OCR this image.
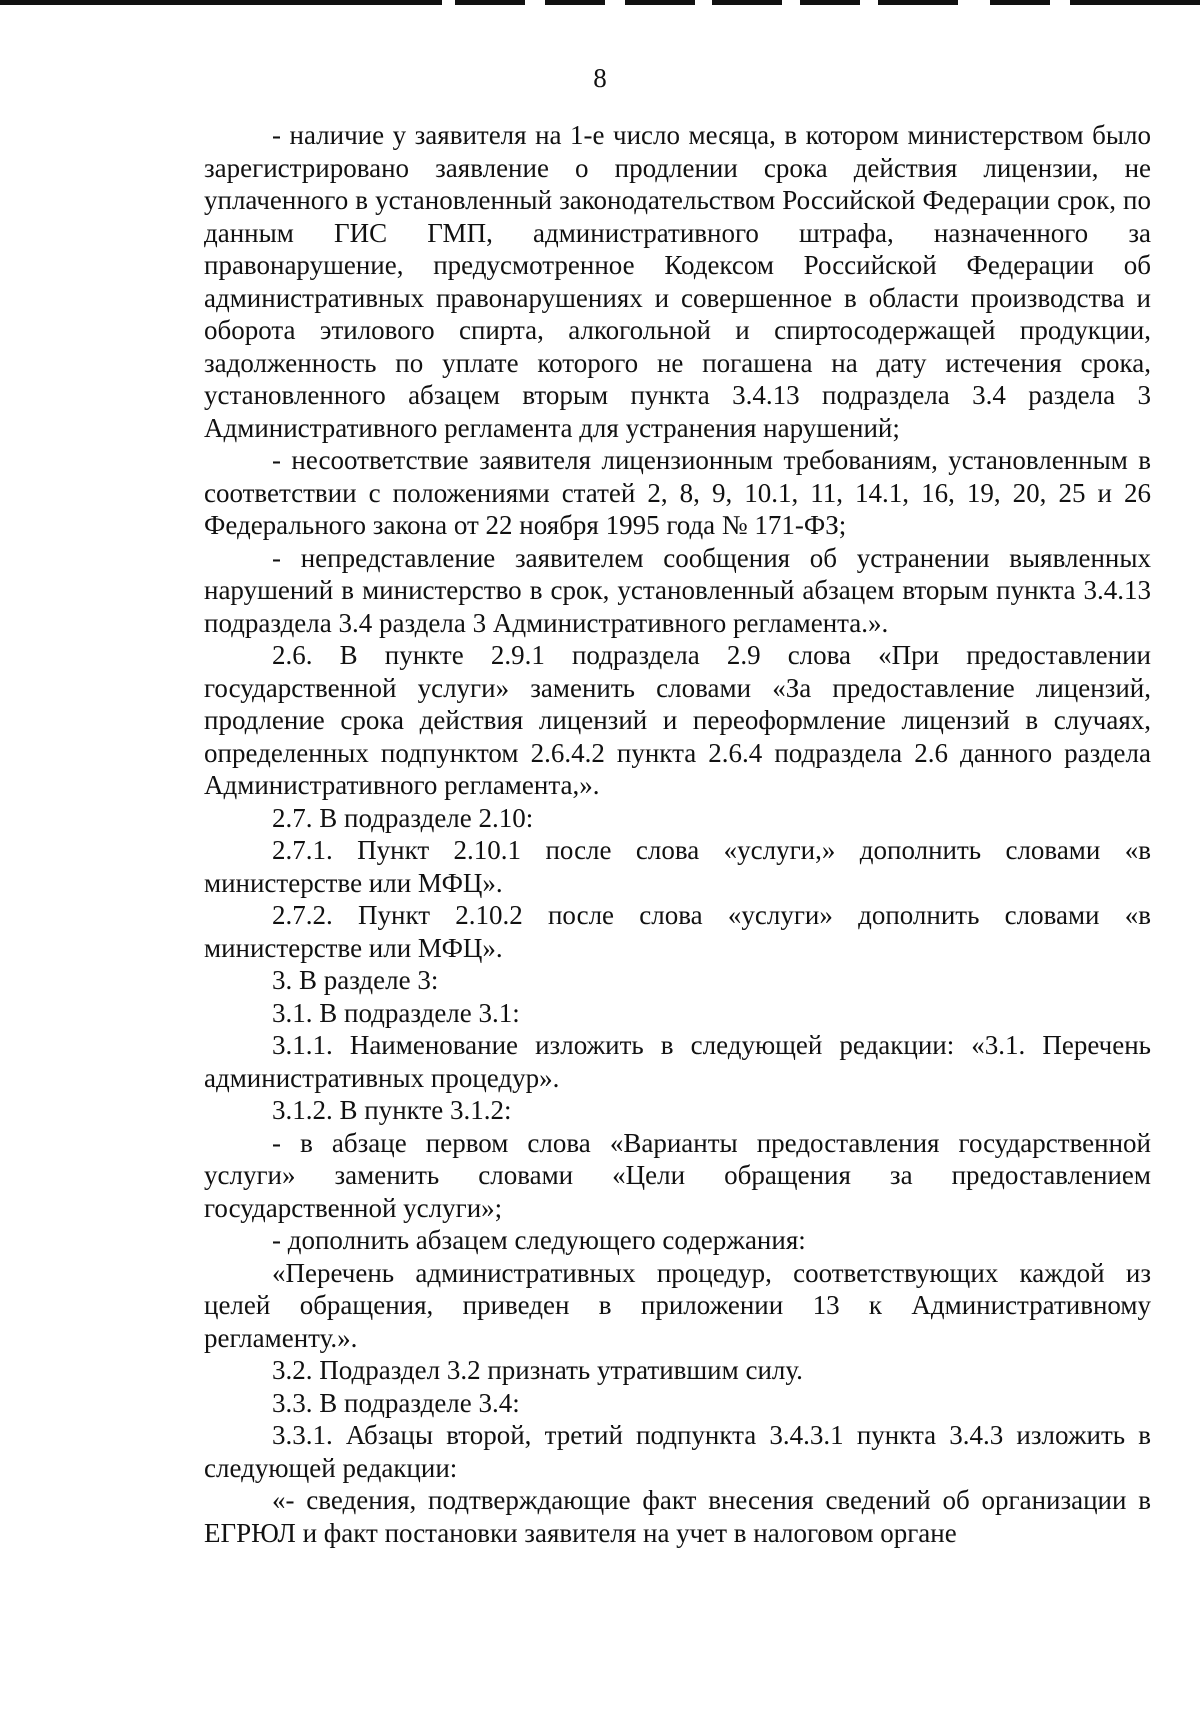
8

- наличие у заявителя на 1-е число месяца, в котором министерством было зарегистрировано заявление о продлении срока действия лицензии, не уплаченного в установленный законодательством Российской Федерации срок, по данным ГИС ГМП, административного штрафа, назначенного за правонарушение, предусмотренное Кодексом Российской Федерации об административных правонарушениях и совершенное в области производства и оборота этилового спирта, алкогольной и спиртосодержащей продукции, задолженность по уплате которого не погашена на дату истечения срока, установленного абзацем вторым пункта 3.4.13 подраздела 3.4 раздела 3 Административного регламента для устранения нарушений;

- несоответствие заявителя лицензионным требованиям, установленным в соответствии с положениями статей 2, 8, 9, 10.1, 11, 14.1, 16, 19, 20, 25 и 26 Федерального закона от 22 ноября 1995 года № 171-ФЗ;

- непредставление заявителем сообщения об устранении выявленных нарушений в министерство в срок, установленный абзацем вторым пункта 3.4.13 подраздела 3.4 раздела 3 Административного регламента.».

2.6. В пункте 2.9.1 подраздела 2.9 слова «При предоставлении государственной услуги» заменить словами «За предоставление лицензий, продление срока действия лицензий и переоформление лицензий в случаях, определенных подпунктом 2.6.4.2 пункта 2.6.4 подраздела 2.6 данного раздела Административного регламента,».

2.7. В подразделе 2.10:

2.7.1. Пункт 2.10.1 после слова «услуги,» дополнить словами «в министерстве или МФЦ».

2.7.2. Пункт 2.10.2 после слова «услуги» дополнить словами «в министерстве или МФЦ».

3. В разделе 3:

3.1. В подразделе 3.1:

3.1.1. Наименование изложить в следующей редакции: «3.1. Перечень административных процедур».

3.1.2. В пункте 3.1.2:

- в абзаце первом слова «Варианты предоставления государственной услуги» заменить словами «Цели обращения за предоставлением государственной услуги»;

- дополнить абзацем следующего содержания:

«Перечень административных процедур, соответствующих каждой из целей обращения, приведен в приложении 13 к Административному регламенту.».

3.2. Подраздел 3.2 признать утратившим силу.

3.3. В подразделе 3.4:

3.3.1. Абзацы второй, третий подпункта 3.4.3.1 пункта 3.4.3 изложить в следующей редакции:

«- сведения, подтверждающие факт внесения сведений об организации в ЕГРЮЛ и факт постановки заявителя на учет в налоговом органе
